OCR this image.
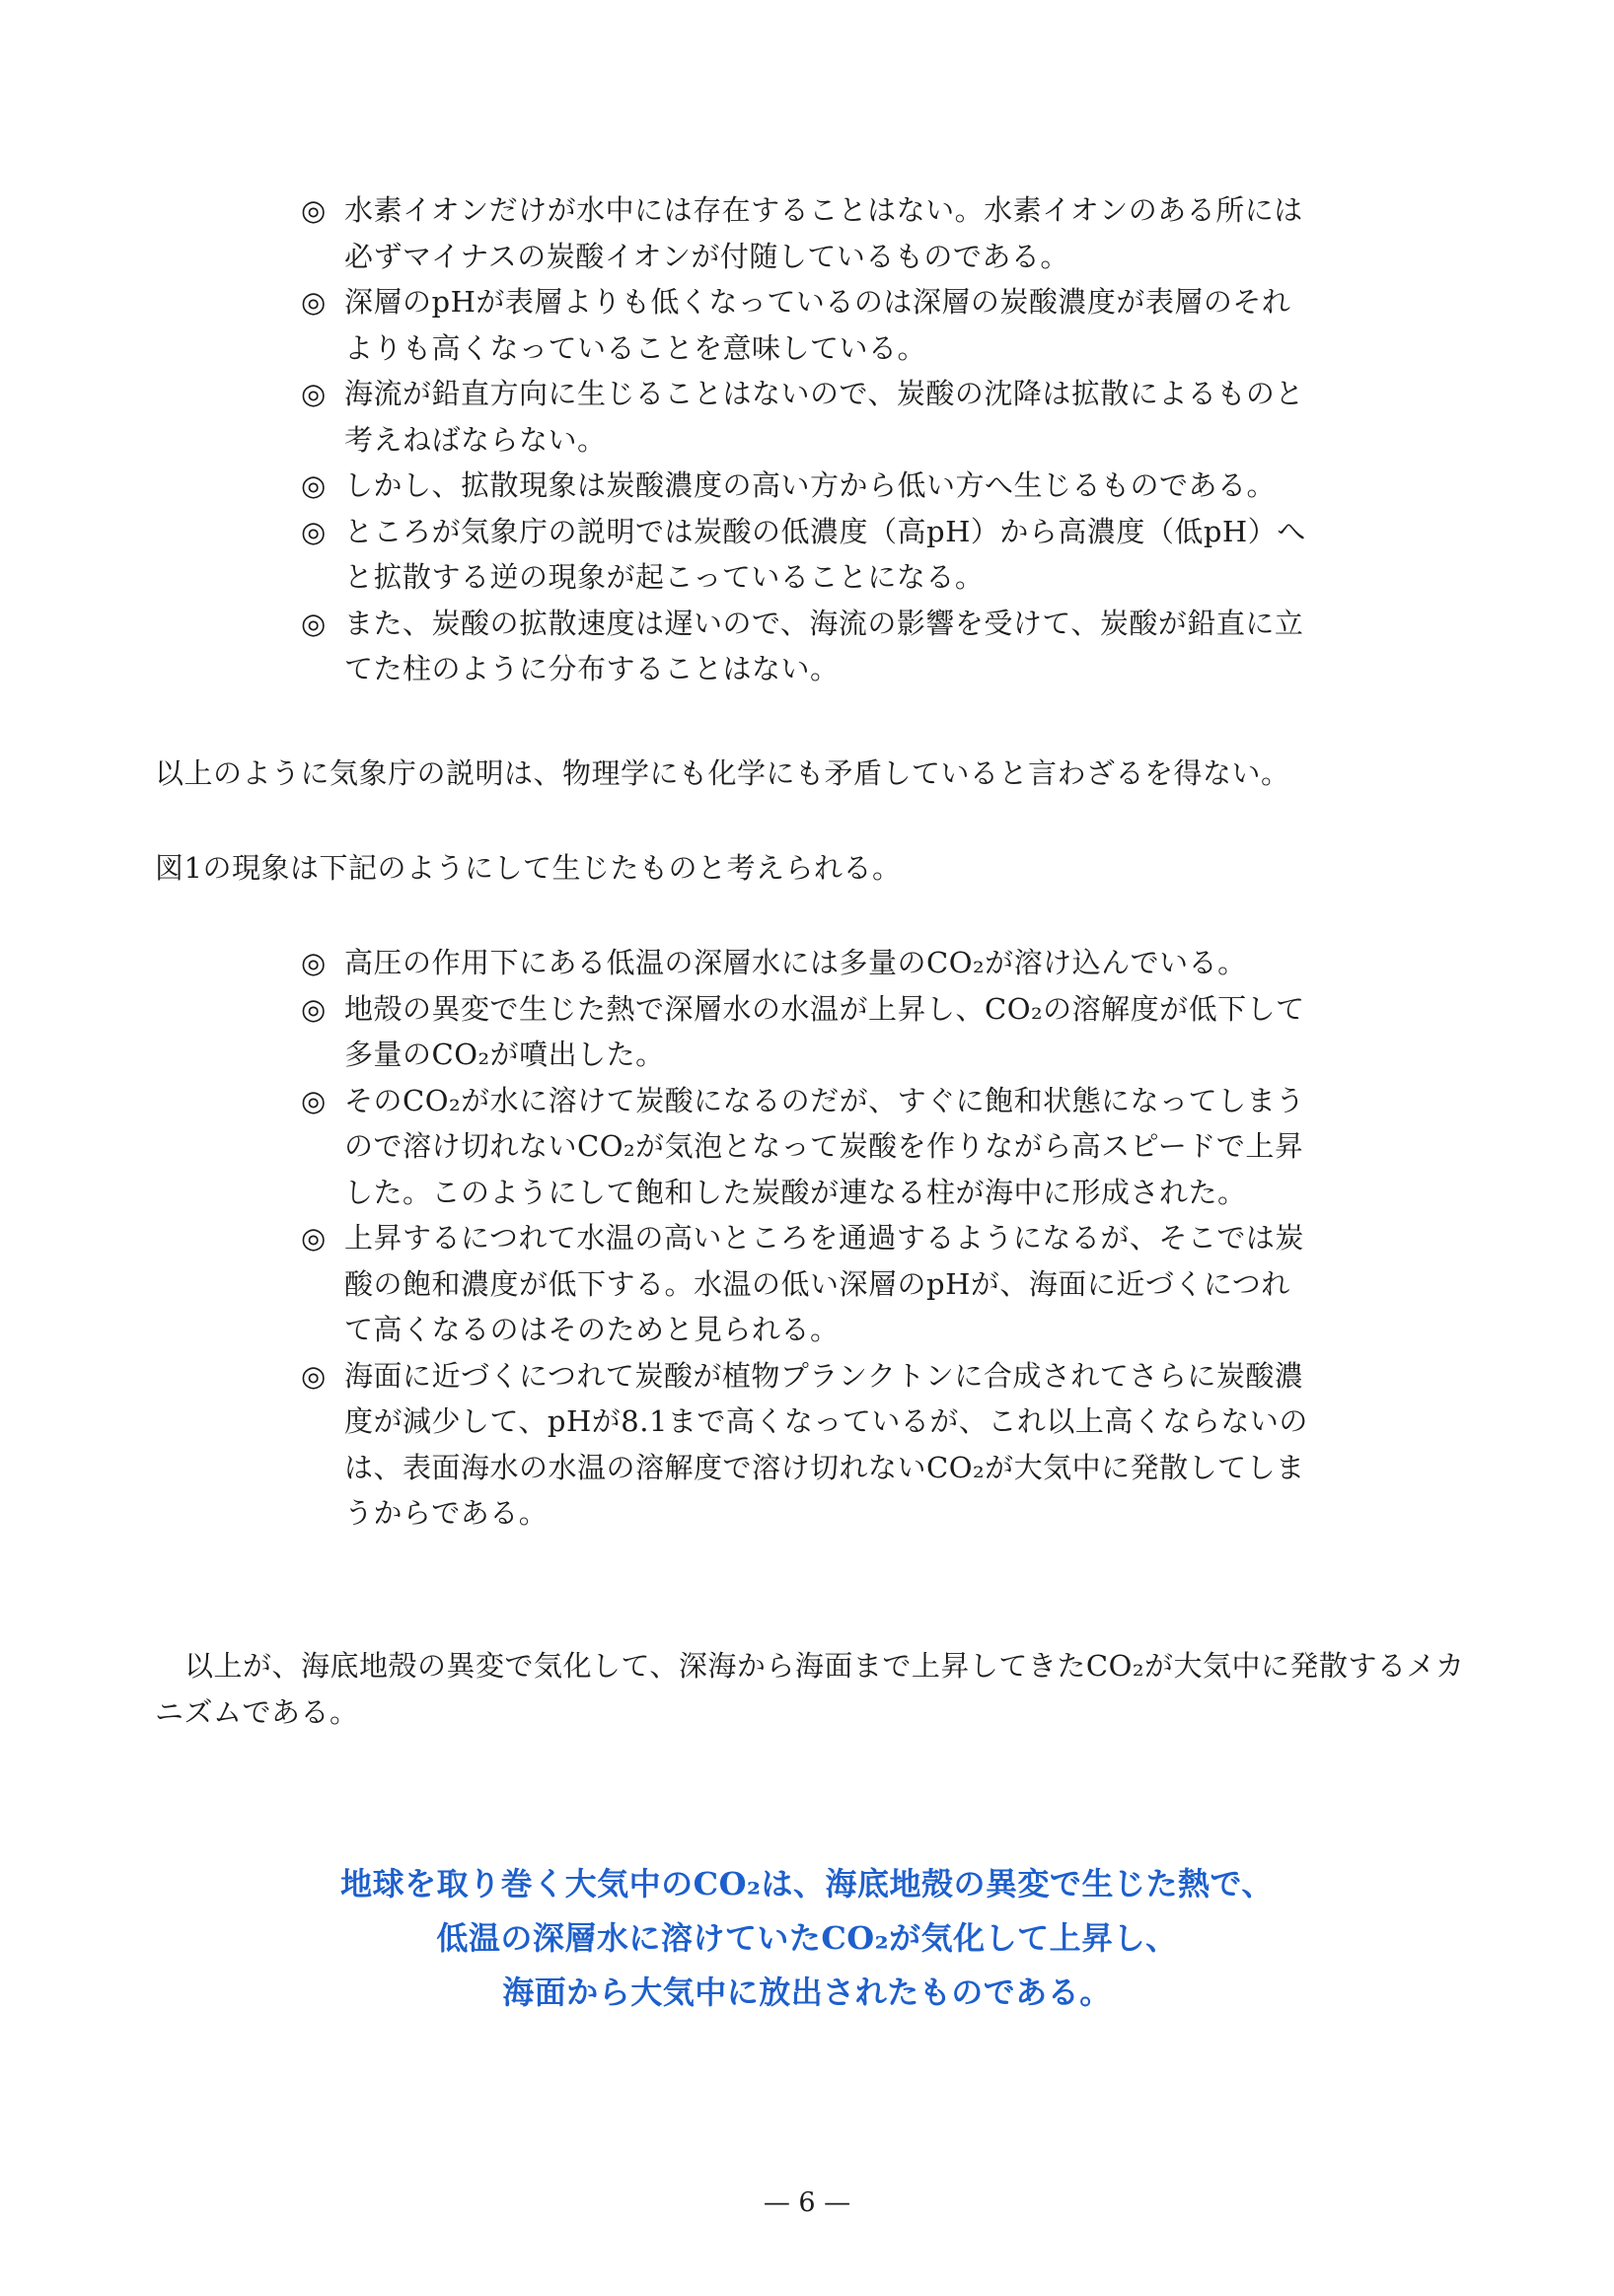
◎ 水素イオンだけが水中には存在することはない。水素イオンのある所には必ずマイナスの炭酸イオンが付随しているものである。
◎ 深層のpHが表層よりも低くなっているのは深層の炭酸濃度が表層のそれよりも高くなっていることを意味している。
◎ 海流が鉛直方向に生じることはないので、炭酸の沈降は拡散によるものと考えねばならない。
◎ しかし、拡散現象は炭酸濃度の高い方から低い方へ生じるものである。
◎ ところが気象庁の説明では炭酸の低濃度（高pH）から高濃度（低pH）へと拡散する逆の現象が起こっていることになる。
◎ また、炭酸の拡散速度は遅いので、海流の影響を受けて、炭酸が鉛直に立てた柱のように分布することはない。

以上のように気象庁の説明は、物理学にも化学にも矛盾していると言わざるを得ない。

図1の現象は下記のようにして生じたものと考えられる。

◎ 高圧の作用下にある低温の深層水には多量のCO₂が溶け込んでいる。
◎ 地殻の異変で生じた熱で深層水の水温が上昇し、CO₂の溶解度が低下して多量のCO₂が噴出した。
◎ そのCO₂が水に溶けて炭酸になるのだが、すぐに飽和状態になってしまうので溶け切れないCO₂が気泡となって炭酸を作りながら高スピードで上昇した。このようにして飽和した炭酸が連なる柱が海中に形成された。
◎ 上昇するにつれて水温の高いところを通過するようになるが、そこでは炭酸の飽和濃度が低下する。水温の低い深層のpHが、海面に近づくにつれて高くなるのはそのためと見られる。
◎ 海面に近づくにつれて炭酸が植物プランクトンに合成されてさらに炭酸濃度が減少して、pHが8.1まで高くなっているが、これ以上高くならないのは、表面海水の水温の溶解度で溶け切れないCO₂が大気中に発散してしまうからである。

以上が、海底地殻の異変で気化して、深海から海面まで上昇してきたCO₂が大気中に発散するメカニズムである。

地球を取り巻く大気中のCO₂は、海底地殻の異変で生じた熱で、
低温の深層水に溶けていたCO₂が気化して上昇し、
海面から大気中に放出されたものである。

— 6 —
